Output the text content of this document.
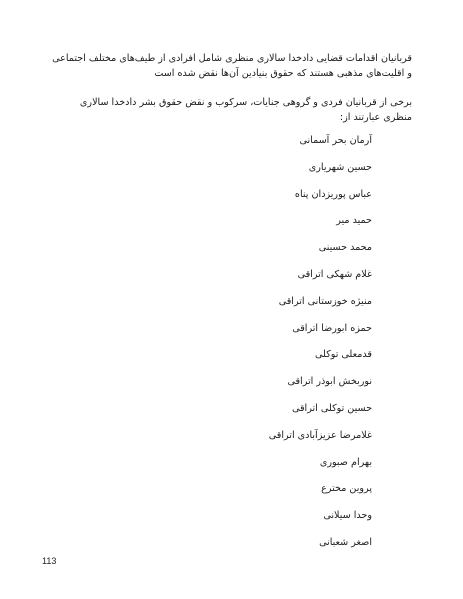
قربانیان اقدامات قضایی دادخدا سالاری منظری شامل افرادی از طیف‌های مختلف اجتماعی و اقلیت‌های مذهبی هستند که حقوق بنیادین آن‌ها نقض شده است

برخی از قربانیان فردی و گروهی جنایات، سرکوب و نقض حقوق بشر دادخدا سالاری منظری عبارتند از:

آرمان بحر آسمانی
حسین شهریاری
عباس پوریزدان پناه
حمید میر
محمد حسینی
غلام شهکی اتراقی
منیژه خوزستانی اتراقی
حمزه ابورضا اتراقی
قدمعلی توکلی
نوربخش ابوذر اتراقی
حسین توکلی اتراقی
غلامرضا عزیزآبادی اتراقی
بهرام صبوری
پروین مخترع
وحدا سیلانی
اصغر شعبانی
113
